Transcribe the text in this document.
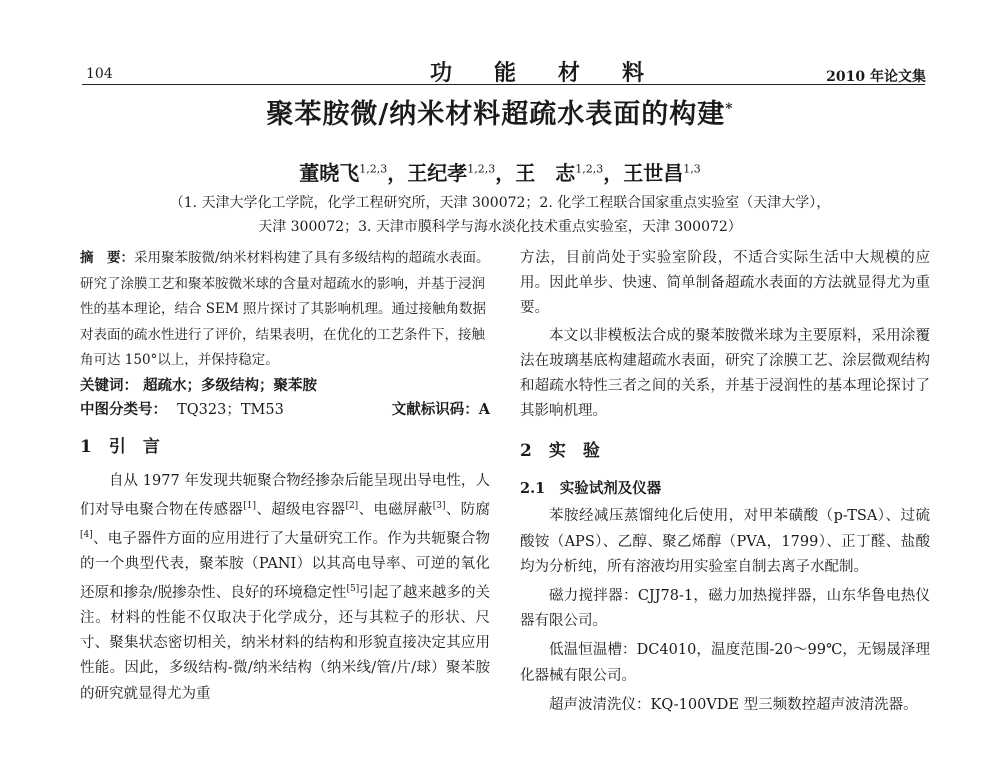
104	功能材料	2010 年论文集
聚苯胺微/纳米材料超疏水表面的构建*
董晓飞$^{1,2,3}$，王纪孝$^{1,2,3}$，王　志$^{1,2,3}$，王世昌$^{1,3}$
（1. 天津大学化工学院，化学工程研究所，天津 300072；2. 化学工程联合国家重点实验室（天津大学），
天津 300072；3. 天津市膜科学与海水淡化技术重点实验室，天津 300072）
摘　要：采用聚苯胺微/纳米材料构建了具有多级结构的超疏水表面。研究了涂膜工艺和聚苯胺微米球的含量对超疏水的影响，并基于浸润性的基本理论，结合 SEM 照片探讨了其影响机理。通过接触角数据对表面的疏水性进行了评价，结果表明，在优化的工艺条件下，接触角可达 150°以上，并保持稳定。
关键词： 超疏水；多级结构；聚苯胺
中图分类号： TQ323；TM53	文献标识码：A
1　引　言
自从 1977 年发现共轭聚合物经掺杂后能呈现出导电性，人们对导电聚合物在传感器[1]、超级电容器[2]、电磁屏蔽[3]、防腐[4]、电子器件方面的应用进行了大量研究工作。作为共轭聚合物的一个典型代表，聚苯胺（PANI）以其高电导率、可逆的氧化还原和掺杂/脱掺杂性、良好的环境稳定性[5]引起了越来越多的关注。材料的性能不仅取决于化学成分，还与其粒子的形状、尺寸、聚集状态密切相关，纳米材料的结构和形貌直接决定其应用性能。因此，多级结构-微/纳米结构（纳米线/管/片/球）聚苯胺的研究就显得尤为重
方法，目前尚处于实验室阶段，不适合实际生活中大规模的应用。因此单步、快速、简单制备超疏水表面的方法就显得尤为重要。
本文以非模板法合成的聚苯胺微米球为主要原料，采用涂覆法在玻璃基底构建超疏水表面，研究了涂膜工艺、涂层微观结构和超疏水特性三者之间的关系，并基于浸润性的基本理论探讨了其影响机理。
2　实　验
2.1　实验试剂及仪器
苯胺经减压蒸馏纯化后使用，对甲苯磺酸（p-TSA）、过硫酸铵（APS）、乙醇、聚乙烯醇（PVA，1799）、正丁醛、盐酸均为分析纯，所有溶液均用实验室自制去离子水配制。
磁力搅拌器：CJJ78-1，磁力加热搅拌器，山东华鲁电热仪器有限公司。
低温恒温槽：DC4010，温度范围-20～99℃，无锡晟泽理化器械有限公司。
超声波清洗仪：KQ-100VDE 型三频数控超声波清洗器。
